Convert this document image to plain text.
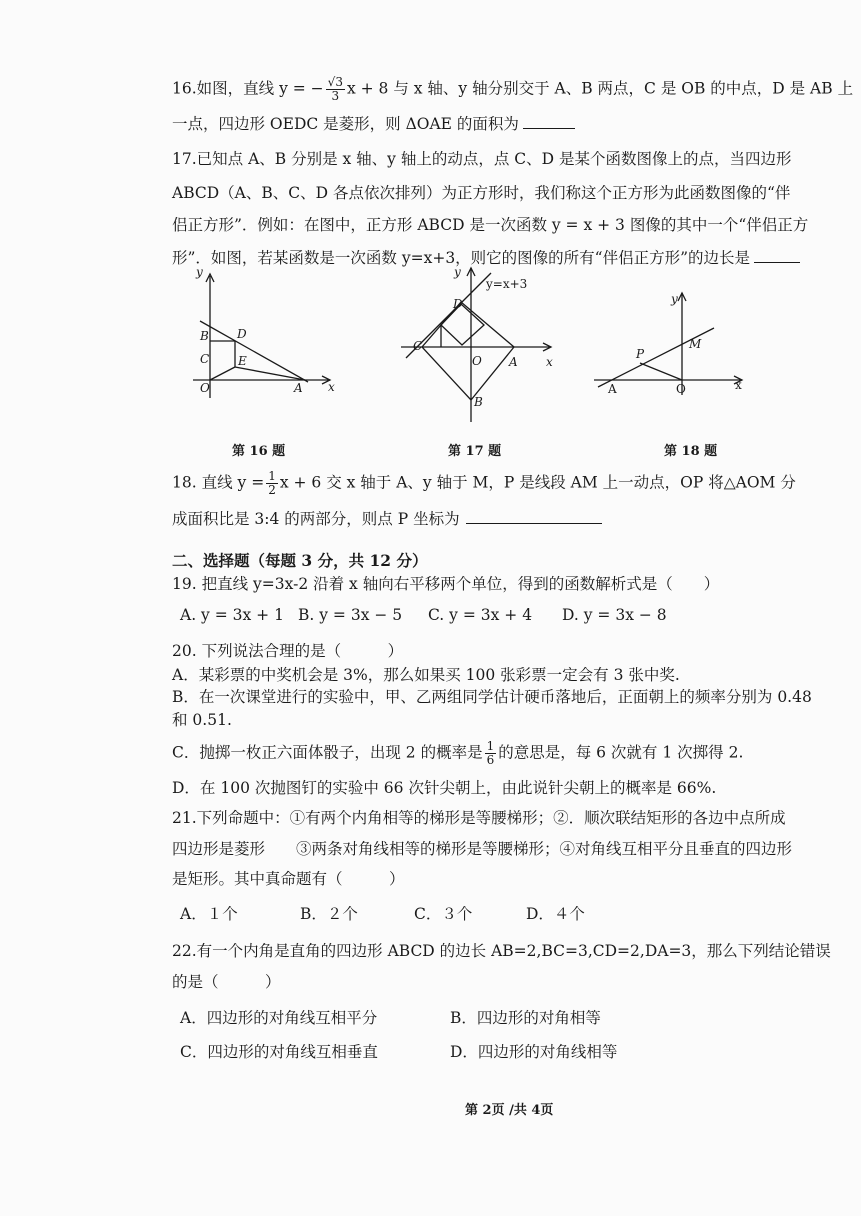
16.如图，直线 y = − $\frac{√3}{3}$ x + 8 与 x 轴、y 轴分别交于 A、B 两点，C 是 OB 的中点，D 是 AB 上
一点，四边形 OEDC 是菱形，则 ΔOAE 的面积为
17.已知点 A、B 分别是 x 轴、y 轴上的动点，点 C、D 是某个函数图像上的点，当四边形
ABCD（A、B、C、D 各点依次排列）为正方形时，我们称这个正方形为此函数图像的“伴
侣正方形”．例如：在图中，正方形 ABCD 是一次函数 y = x + 3 图像的其中一个“伴侣正方
形”．如图，若某函数是一次函数 y=x+3，则它的图像的所有“伴侣正方形”的边长是
y
x
B
C
D
E
O	A
第 16 题
y
y=x+3
x
D
C
O A
B
第 17 题
y
x
P
M
A	O
第 18 题
18. 直线 $y = \frac{1}{2}$ x + 6 交 x 轴于 A、y 轴于 M，P 是线段 AM 上一动点，OP 将△AOM 分
成面积比是 3:4 的两部分，则点 P 坐标为
二、选择题（每题 3 分，共 12 分）
19. 把直线 y=3x-2 沿着 x 轴向右平移两个单位，得到的函数解析式是（　　）
A. y = 3x + 1 B. y = 3x − 5 C. y = 3x + 4 D. y = 3x − 8
20. 下列说法合理的是（　　　）
A．某彩票的中奖机会是 3%，那么如果买 100 张彩票一定会有 3 张中奖.
B．在一次课堂进行的实验中，甲、乙两组同学估计硬币落地后，正面朝上的频率分别为 0.48
和 0.51.
C．抛掷一枚正六面体骰子，出现 2 的概率是 $\frac{1}{6}$ 的意思是，每 6 次就有 1 次掷得 2.
D．在 100 次抛图钉的实验中 66 次针尖朝上，由此说针尖朝上的概率是 66%.
21.下列命题中：①有两个内角相等的梯形是等腰梯形；②．顺次联结矩形的各边中点所成
四边形是菱形　　③两条对角线相等的梯形是等腰梯形；④对角线互相平分且垂直的四边形
是矩形。其中真命题有（　　　）
A．１个	B．２个	C．３个	D．４个
22.有一个内角是直角的四边形 ABCD 的边长 AB=2,BC=3,CD=2,DA=3，那么下列结论错误
的是（　　　）
A．四边形的对角线互相平分	B．四边形的对角相等
C．四边形的对角线互相垂直	D．四边形的对角线相等
第 2页 /共 4页
